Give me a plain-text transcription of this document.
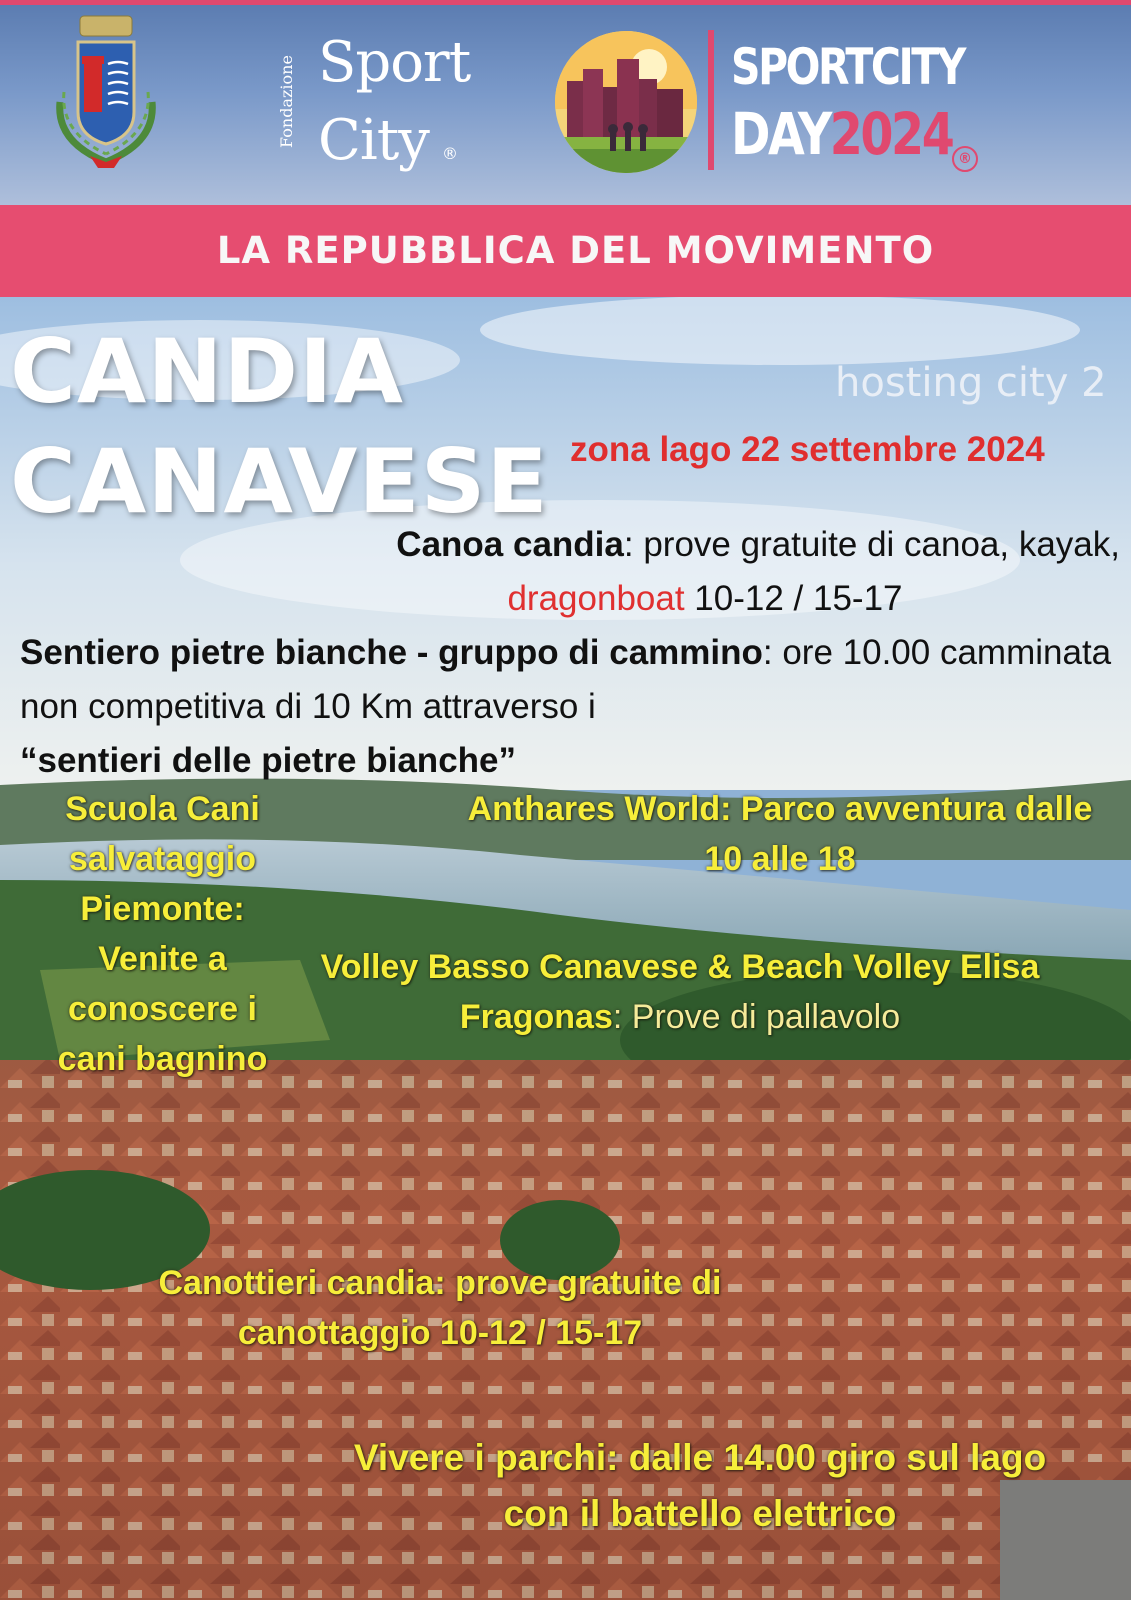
Fondazione Sport
City ®
SPORTCITY
DAY2024 ®
LA REPUBBLICA DEL MOVIMENTO
CANDIA
CANAVESE
hosting city 2
zona lago 22 settembre 2024
Canoa candia: prove gratuite di canoa, kayak,
dragonboat 10-12 / 15-17
Sentiero pietre bianche - gruppo di cammino: ore 10.00 camminata non competitiva di 10 Km attraverso i
“sentieri delle pietre bianche”
Scuola Cani salvataggio Piemonte: Venite a conoscere i cani bagnino
Anthares World: Parco avventura dalle 10 alle 18
Volley Basso Canavese & Beach Volley Elisa Fragonas: Prove di pallavolo
Canottieri candia: prove gratuite di canottaggio 10-12 / 15-17
Vivere i parchi: dalle 14.00 giro sul lago con il battello elettrico
